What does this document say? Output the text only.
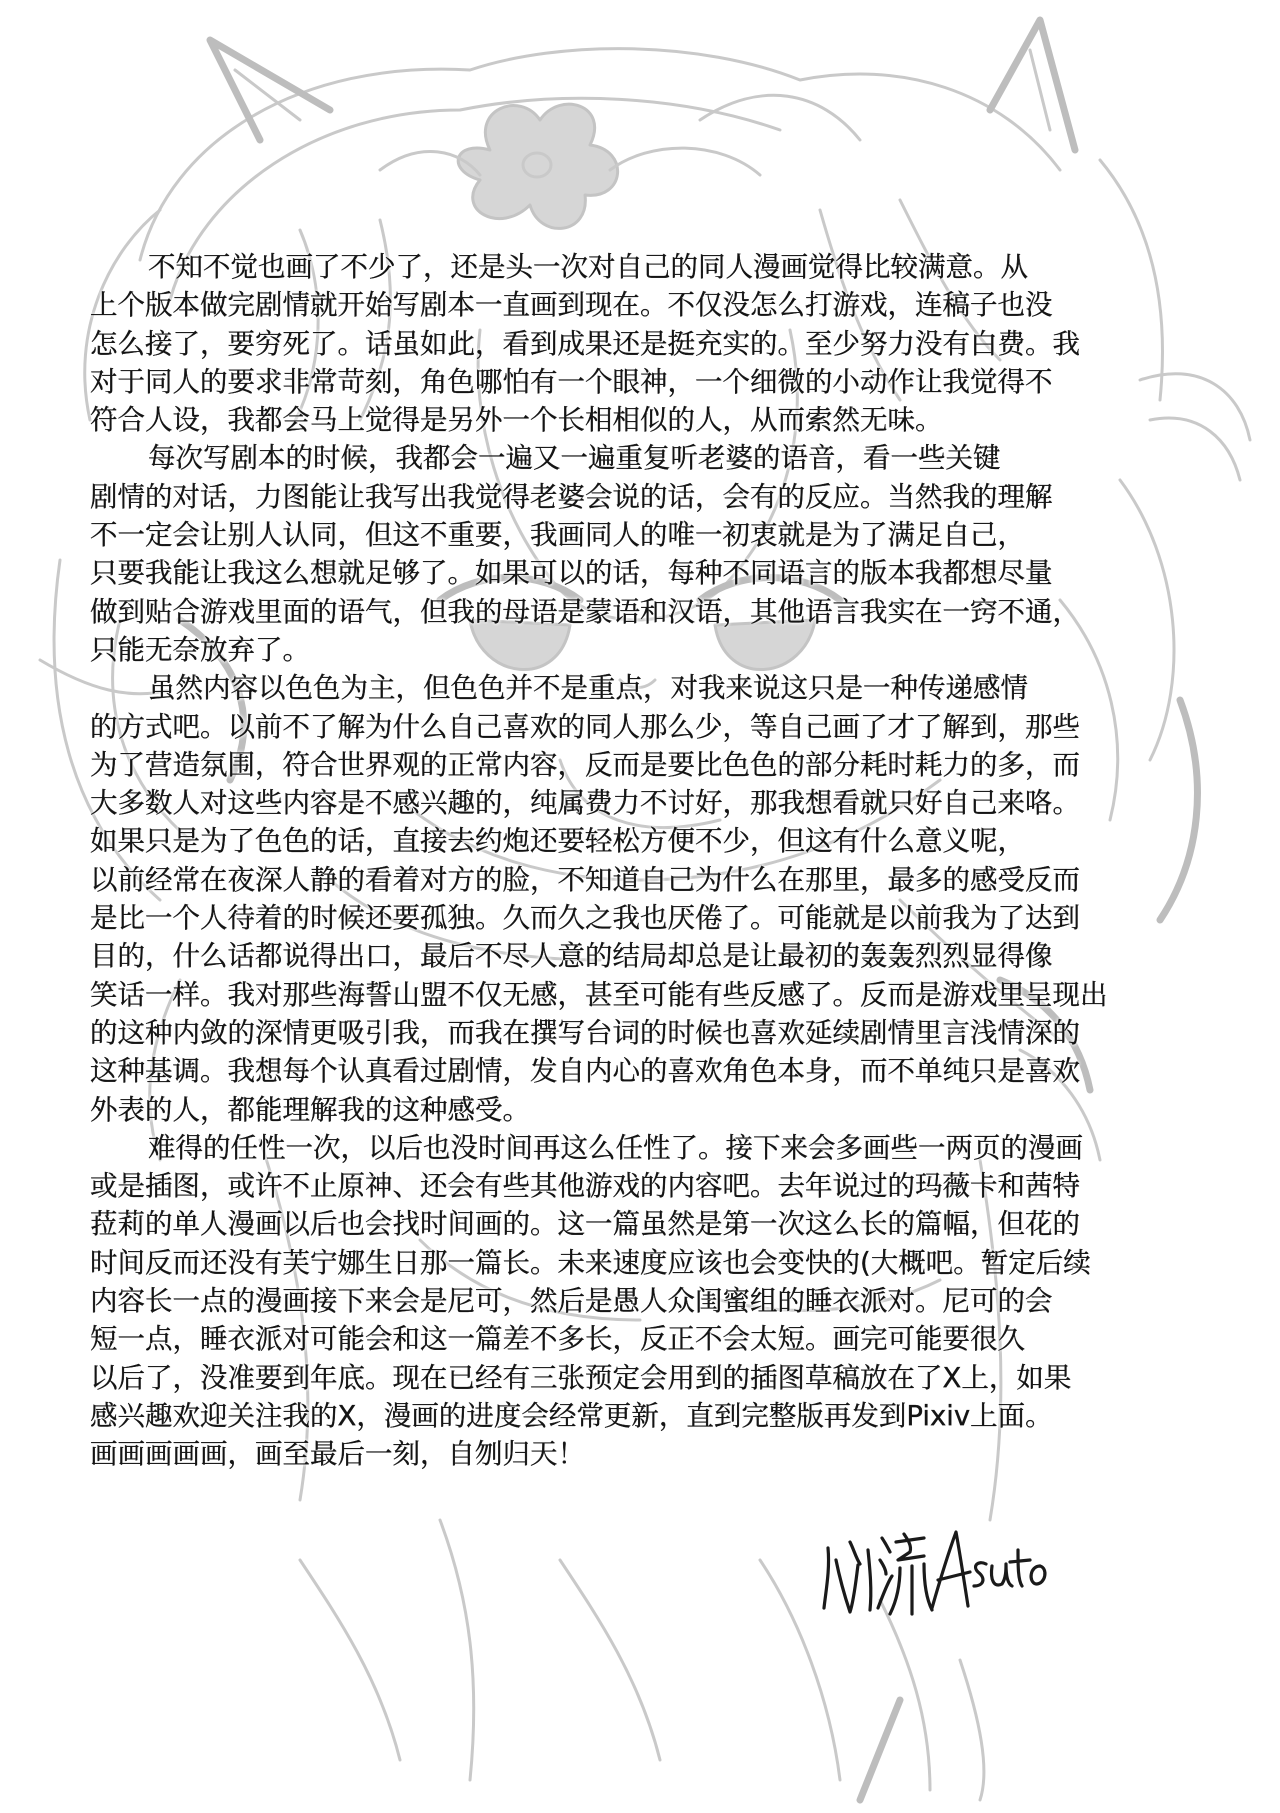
不知不觉也画了不少了，还是头一次对自己的同人漫画觉得比较满意。从
上个版本做完剧情就开始写剧本一直画到现在。不仅没怎么打游戏，连稿子也没
怎么接了，要穷死了。话虽如此，看到成果还是挺充实的。至少努力没有白费。我
对于同人的要求非常苛刻，角色哪怕有一个眼神，一个细微的小动作让我觉得不
符合人设，我都会马上觉得是另外一个长相相似的人，从而索然无味。
每次写剧本的时候，我都会一遍又一遍重复听老婆的语音，看一些关键
剧情的对话，力图能让我写出我觉得老婆会说的话，会有的反应。当然我的理解
不一定会让别人认同，但这不重要，我画同人的唯一初衷就是为了满足自己，
只要我能让我这么想就足够了。如果可以的话，每种不同语言的版本我都想尽量
做到贴合游戏里面的语气，但我的母语是蒙语和汉语，其他语言我实在一窍不通，
只能无奈放弃了。
虽然内容以色色为主，但色色并不是重点，对我来说这只是一种传递感情
的方式吧。以前不了解为什么自己喜欢的同人那么少，等自己画了才了解到，那些
为了营造氛围，符合世界观的正常内容，反而是要比色色的部分耗时耗力的多，而
大多数人对这些内容是不感兴趣的，纯属费力不讨好，那我想看就只好自己来咯。
如果只是为了色色的话，直接去约炮还要轻松方便不少，但这有什么意义呢，
以前经常在夜深人静的看着对方的脸，不知道自己为什么在那里，最多的感受反而
是比一个人待着的时候还要孤独。久而久之我也厌倦了。可能就是以前我为了达到
目的，什么话都说得出口，最后不尽人意的结局却总是让最初的轰轰烈烈显得像
笑话一样。我对那些海誓山盟不仅无感，甚至可能有些反感了。反而是游戏里呈现出
的这种内敛的深情更吸引我，而我在撰写台词的时候也喜欢延续剧情里言浅情深的
这种基调。我想每个认真看过剧情，发自内心的喜欢角色本身，而不单纯只是喜欢
外表的人，都能理解我的这种感受。
难得的任性一次，以后也没时间再这么任性了。接下来会多画些一两页的漫画
或是插图，或许不止原神、还会有些其他游戏的内容吧。去年说过的玛薇卡和茜特
菈莉的单人漫画以后也会找时间画的。这一篇虽然是第一次这么长的篇幅，但花的
时间反而还没有芙宁娜生日那一篇长。未来速度应该也会变快的(大概吧。暂定后续
内容长一点的漫画接下来会是尼可，然后是愚人众闺蜜组的睡衣派对。尼可的会
短一点，睡衣派对可能会和这一篇差不多长，反正不会太短。画完可能要很久
以后了，没准要到年底。现在已经有三张预定会用到的插图草稿放在了X上，如果
感兴趣欢迎关注我的X，漫画的进度会经常更新，直到完整版再发到Pixiv上面。
画画画画画，画至最后一刻，自刎归天！
